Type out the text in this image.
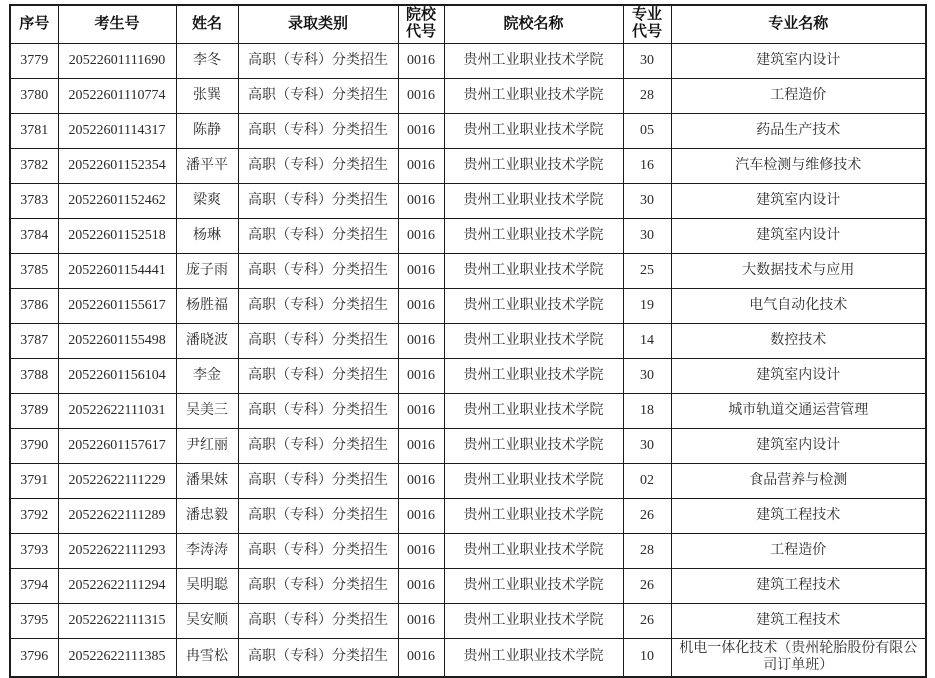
序号	考生号	姓名	录取类别	院校代号	院校名称	专业代号	专业名称
3779	20522601111690	李冬	高职（专科）分类招生	0016	贵州工业职业技术学院	30	建筑室内设计
3780	20522601110774	张巽	高职（专科）分类招生	0016	贵州工业职业技术学院	28	工程造价
3781	20522601114317	陈静	高职（专科）分类招生	0016	贵州工业职业技术学院	05	药品生产技术
3782	20522601152354	潘平平	高职（专科）分类招生	0016	贵州工业职业技术学院	16	汽车检测与维修技术
3783	20522601152462	梁爽	高职（专科）分类招生	0016	贵州工业职业技术学院	30	建筑室内设计
3784	20522601152518	杨琳	高职（专科）分类招生	0016	贵州工业职业技术学院	30	建筑室内设计
3785	20522601154441	庞子雨	高职（专科）分类招生	0016	贵州工业职业技术学院	25	大数据技术与应用
3786	20522601155617	杨胜福	高职（专科）分类招生	0016	贵州工业职业技术学院	19	电气自动化技术
3787	20522601155498	潘晓波	高职（专科）分类招生	0016	贵州工业职业技术学院	14	数控技术
3788	20522601156104	李金	高职（专科）分类招生	0016	贵州工业职业技术学院	30	建筑室内设计
3789	20522622111031	吴美三	高职（专科）分类招生	0016	贵州工业职业技术学院	18	城市轨道交通运营管理
3790	20522601157617	尹红丽	高职（专科）分类招生	0016	贵州工业职业技术学院	30	建筑室内设计
3791	20522622111229	潘果妹	高职（专科）分类招生	0016	贵州工业职业技术学院	02	食品营养与检测
3792	20522622111289	潘忠毅	高职（专科）分类招生	0016	贵州工业职业技术学院	26	建筑工程技术
3793	20522622111293	李涛涛	高职（专科）分类招生	0016	贵州工业职业技术学院	28	工程造价
3794	20522622111294	吴明聪	高职（专科）分类招生	0016	贵州工业职业技术学院	26	建筑工程技术
3795	20522622111315	吴安顺	高职（专科）分类招生	0016	贵州工业职业技术学院	26	建筑工程技术
3796	20522622111385	冉雪松	高职（专科）分类招生	0016	贵州工业职业技术学院	10	机电一体化技术（贵州轮胎股份有限公司订单班）
